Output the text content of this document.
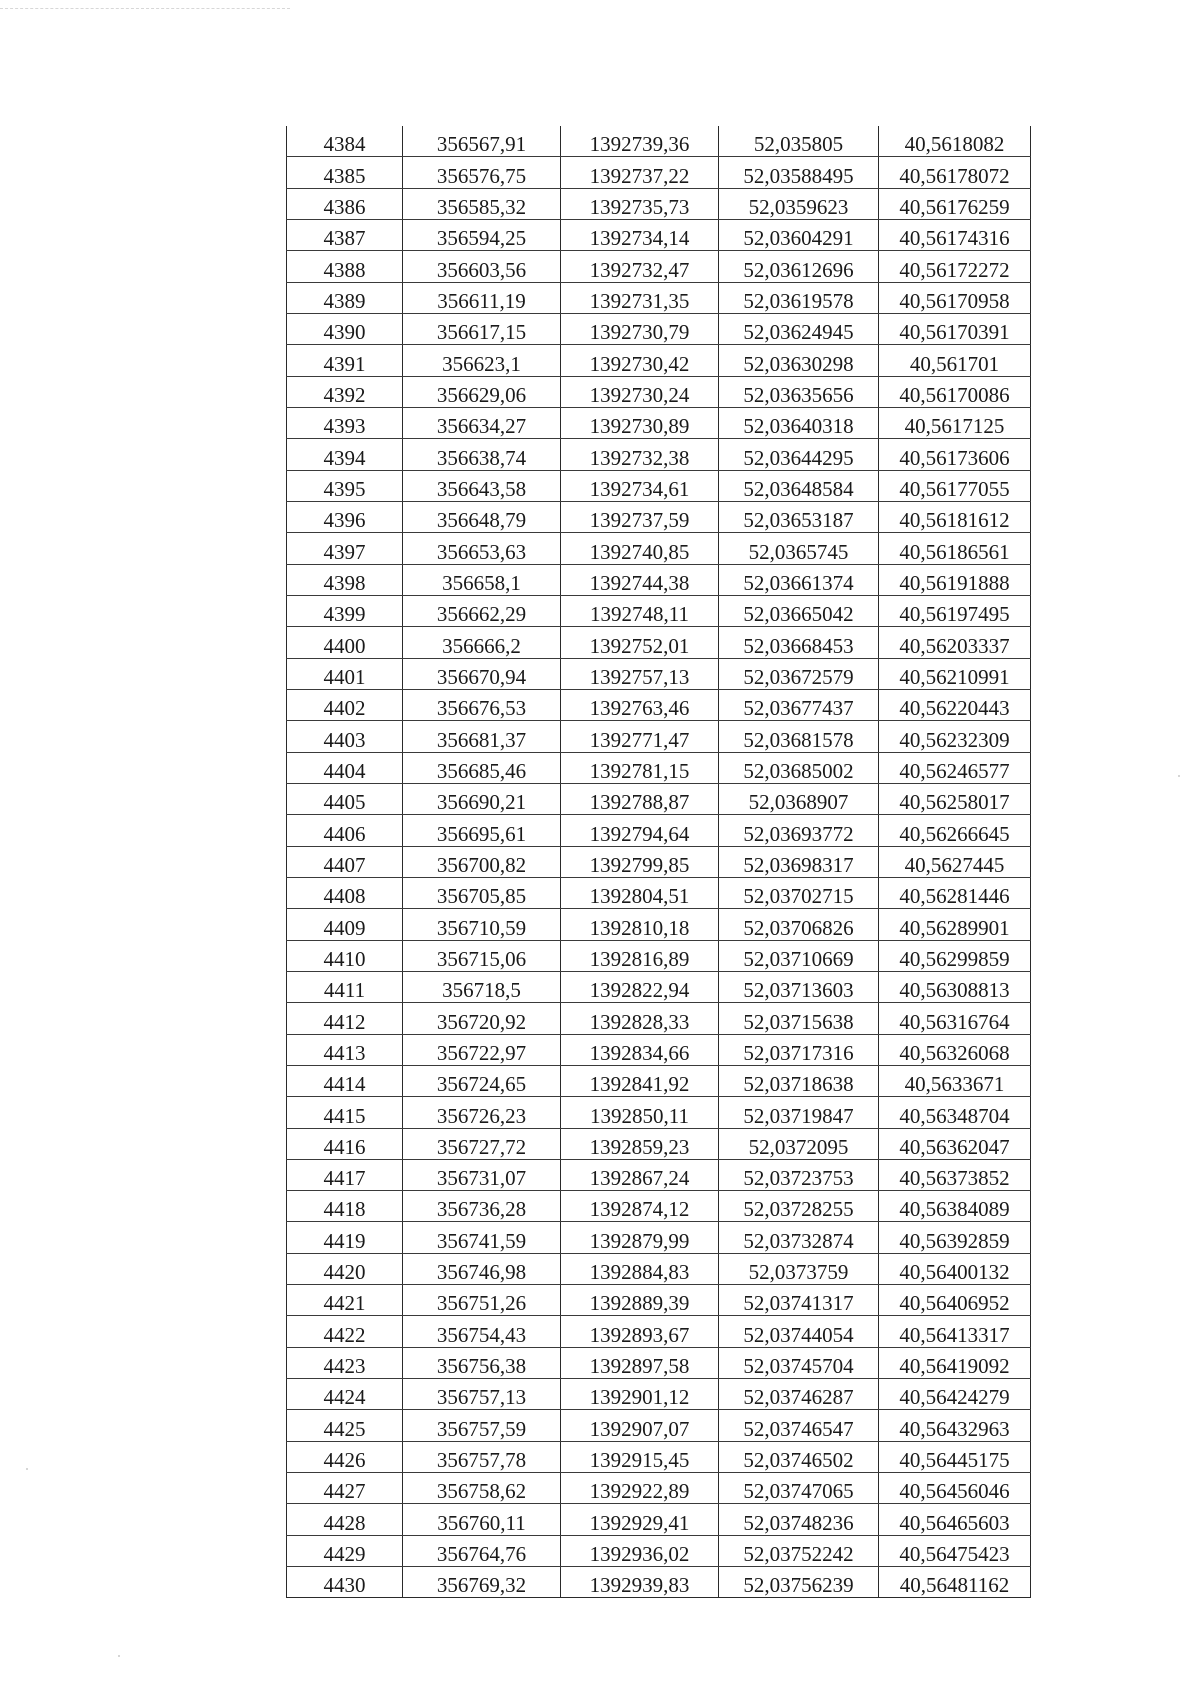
4384	356567,91	1392739,36	52,035805	40,5618082
4385	356576,75	1392737,22	52,03588495	40,56178072
4386	356585,32	1392735,73	52,0359623	40,56176259
4387	356594,25	1392734,14	52,03604291	40,56174316
4388	356603,56	1392732,47	52,03612696	40,56172272
4389	356611,19	1392731,35	52,03619578	40,56170958
4390	356617,15	1392730,79	52,03624945	40,56170391
4391	356623,1	1392730,42	52,03630298	40,561701
4392	356629,06	1392730,24	52,03635656	40,56170086
4393	356634,27	1392730,89	52,03640318	40,5617125
4394	356638,74	1392732,38	52,03644295	40,56173606
4395	356643,58	1392734,61	52,03648584	40,56177055
4396	356648,79	1392737,59	52,03653187	40,56181612
4397	356653,63	1392740,85	52,0365745	40,56186561
4398	356658,1	1392744,38	52,03661374	40,56191888
4399	356662,29	1392748,11	52,03665042	40,56197495
4400	356666,2	1392752,01	52,03668453	40,56203337
4401	356670,94	1392757,13	52,03672579	40,56210991
4402	356676,53	1392763,46	52,03677437	40,56220443
4403	356681,37	1392771,47	52,03681578	40,56232309
4404	356685,46	1392781,15	52,03685002	40,56246577
4405	356690,21	1392788,87	52,0368907	40,56258017
4406	356695,61	1392794,64	52,03693772	40,56266645
4407	356700,82	1392799,85	52,03698317	40,5627445
4408	356705,85	1392804,51	52,03702715	40,56281446
4409	356710,59	1392810,18	52,03706826	40,56289901
4410	356715,06	1392816,89	52,03710669	40,56299859
4411	356718,5	1392822,94	52,03713603	40,56308813
4412	356720,92	1392828,33	52,03715638	40,56316764
4413	356722,97	1392834,66	52,03717316	40,56326068
4414	356724,65	1392841,92	52,03718638	40,5633671
4415	356726,23	1392850,11	52,03719847	40,56348704
4416	356727,72	1392859,23	52,0372095	40,56362047
4417	356731,07	1392867,24	52,03723753	40,56373852
4418	356736,28	1392874,12	52,03728255	40,56384089
4419	356741,59	1392879,99	52,03732874	40,56392859
4420	356746,98	1392884,83	52,0373759	40,56400132
4421	356751,26	1392889,39	52,03741317	40,56406952
4422	356754,43	1392893,67	52,03744054	40,56413317
4423	356756,38	1392897,58	52,03745704	40,56419092
4424	356757,13	1392901,12	52,03746287	40,56424279
4425	356757,59	1392907,07	52,03746547	40,56432963
4426	356757,78	1392915,45	52,03746502	40,56445175
4427	356758,62	1392922,89	52,03747065	40,56456046
4428	356760,11	1392929,41	52,03748236	40,56465603
4429	356764,76	1392936,02	52,03752242	40,56475423
4430	356769,32	1392939,83	52,03756239	40,56481162
